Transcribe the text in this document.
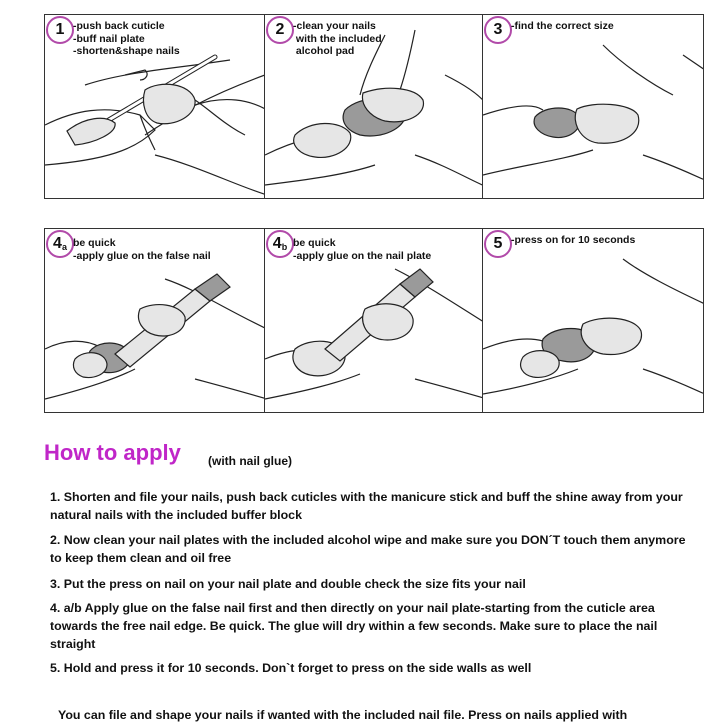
1 -push back cuticle
-buff nail plate
-shorten&shape nails

2 -clean your nails
with the included
alcohol pad

3 -find the correct size

$4_a$ be quick
-apply glue on the false nail

$4_b$ be quick
-apply glue on the nail plate

5 -press on for 10 seconds

How to apply (with nail glue)

1. Shorten and file your nails, push back cuticles with the manicure stick and buff the shine away from your natural nails with the included buffer block

2. Now clean your nail plates with the included alcohol wipe and make sure you DON´T touch them anymore to keep them clean and oil free

3. Put the press on nail on your nail plate and double check the size fits your nail

4. a/b Apply glue on the false nail first and then directly on your nail plate-starting from the cuticle area towards the free nail edge. Be quick. The glue will dry within a few seconds. Make sure to place the nail straight

5. Hold and press it for 10 seconds. Don`t forget to press on the side walls as well

You can file and shape your nails if wanted with the included nail file. Press on nails applied with
